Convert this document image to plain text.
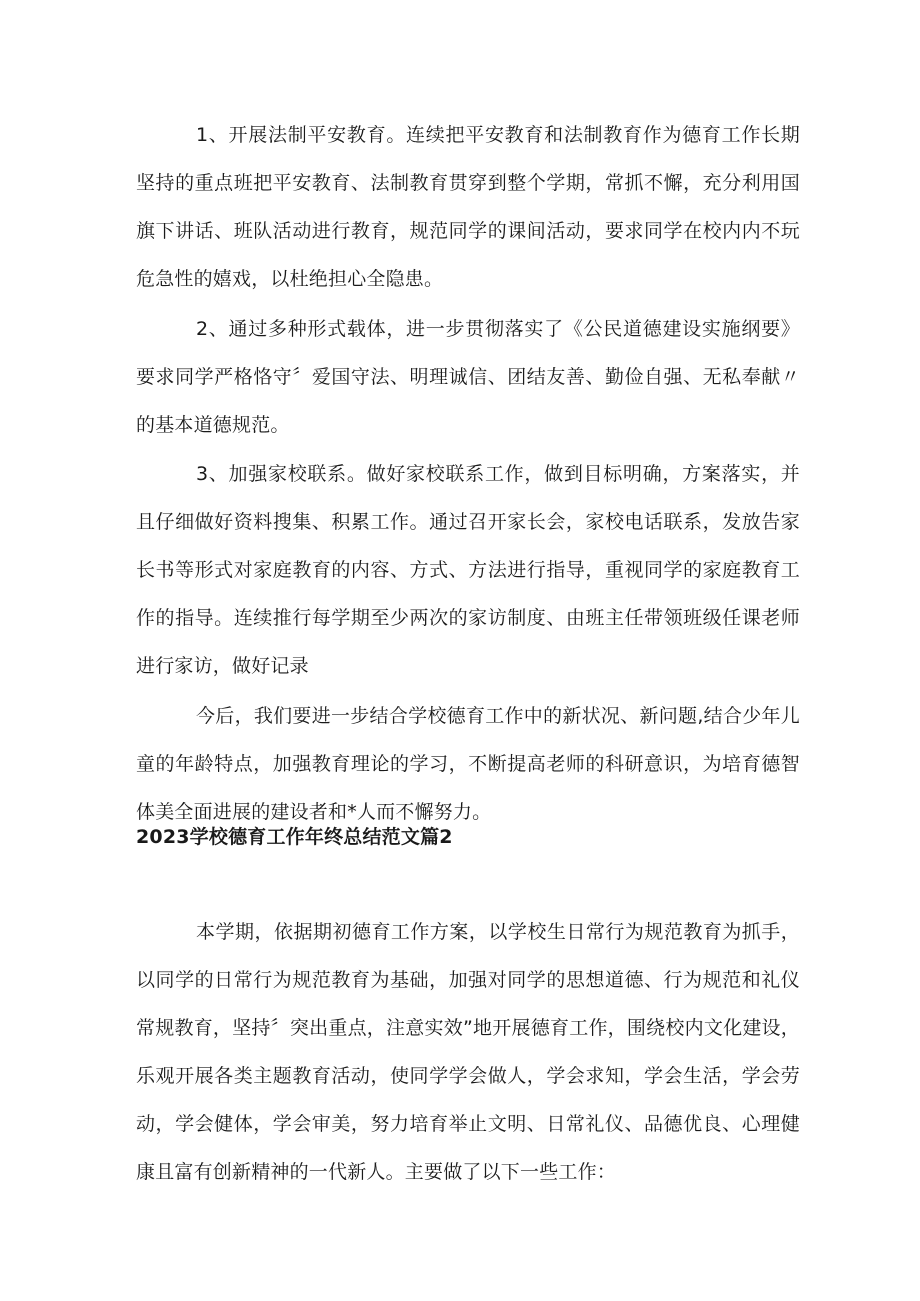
1、开展法制平安教育。连续把平安教育和法制教育作为德育工作长期坚持的重点班把平安教育、法制教育贯穿到整个学期，常抓不懈，充分利用国旗下讲话、班队活动进行教育，规范同学的课间活动，要求同学在校内内不玩危急性的嬉戏，以杜绝担心全隐患。

2、通过多种形式载体，进一步贯彻落实了《公民道德建设实施纲要》要求同学严格恪守〞爱国守法、明理诚信、团结友善、勤俭自强、无私奉献〃的基本道德规范。

3、加强家校联系。做好家校联系工作，做到目标明确，方案落实，并且仔细做好资料搜集、积累工作。通过召开家长会，家校电话联系，发放告家长书等形式对家庭教育的内容、方式、方法进行指导，重视同学的家庭教育工作的指导。连续推行每学期至少两次的家访制度、由班主任带领班级任课老师进行家访，做好记录

今后，我们要进一步结合学校德育工作中的新状况、新问题,结合少年儿童的年龄特点，加强教育理论的学习，不断提高老师的科研意识，为培育德智体美全面进展的建设者和*人而不懈努力。

2023学校德育工作年终总结范文篇2

本学期，依据期初德育工作方案，以学校生日常行为规范教育为抓手，以同学的日常行为规范教育为基础，加强对同学的思想道德、行为规范和礼仪常规教育，坚持〞突出重点，注意实效”地开展德育工作，围绕校内文化建设，乐观开展各类主题教育活动，使同学学会做人，学会求知，学会生活，学会劳动，学会健体，学会审美，努力培育举止文明、日常礼仪、品德优良、心理健康且富有创新精神的一代新人。主要做了以下一些工作：
